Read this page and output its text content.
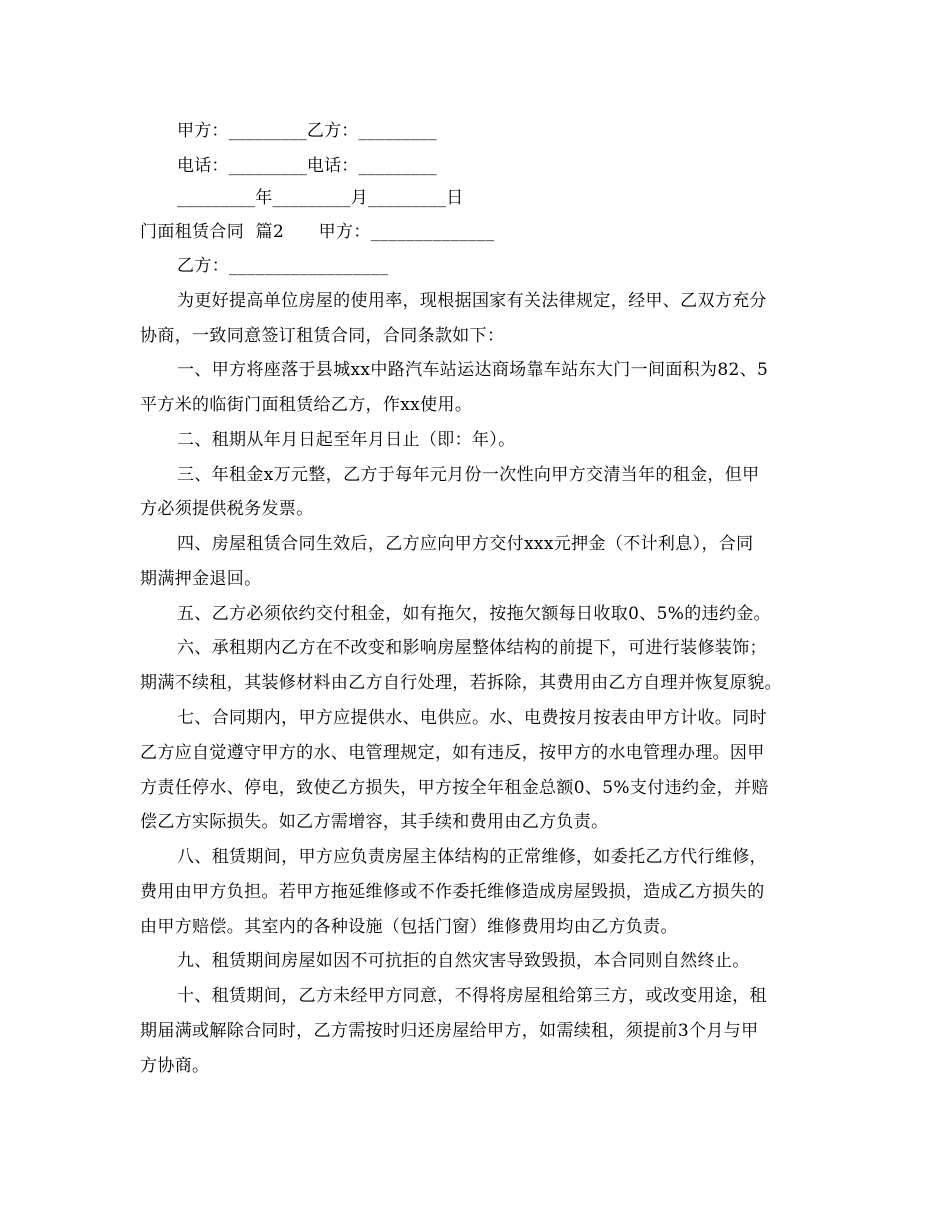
甲方：_________乙方：_________
电话：_________电话：_________
_________年_________月_________日
门面租赁合同  篇2      甲方：______________
乙方：__________________
为更好提高单位房屋的使用率，现根据国家有关法律规定，经甲、乙双方充分
协商，一致同意签订租赁合同，合同条款如下：
一、甲方将座落于县城xx中路汽车站运达商场靠车站东大门一间面积为82、5
平方米的临街门面租赁给乙方，作xx使用。
二、租期从年月日起至年月日止（即：年）。
三、年租金x万元整，乙方于每年元月份一次性向甲方交清当年的租金，但甲
方必须提供税务发票。
四、房屋租赁合同生效后，乙方应向甲方交付xxx元押金（不计利息），合同
期满押金退回。
五、乙方必须依约交付租金，如有拖欠，按拖欠额每日收取0、5%的违约金。
六、承租期内乙方在不改变和影响房屋整体结构的前提下，可进行装修装饰；
期满不续租，其装修材料由乙方自行处理，若拆除，其费用由乙方自理并恢复原貌。
七、合同期内，甲方应提供水、电供应。水、电费按月按表由甲方计收。同时
乙方应自觉遵守甲方的水、电管理规定，如有违反，按甲方的水电管理办理。因甲
方责任停水、停电，致使乙方损失，甲方按全年租金总额0、5%支付违约金，并赔
偿乙方实际损失。如乙方需增容，其手续和费用由乙方负责。
八、租赁期间，甲方应负责房屋主体结构的正常维修，如委托乙方代行维修，
费用由甲方负担。若甲方拖延维修或不作委托维修造成房屋毁损，造成乙方损失的
由甲方赔偿。其室内的各种设施（包括门窗）维修费用均由乙方负责。
九、租赁期间房屋如因不可抗拒的自然灾害导致毁损，本合同则自然终止。
十、租赁期间，乙方未经甲方同意，不得将房屋租给第三方，或改变用途，租
期届满或解除合同时，乙方需按时归还房屋给甲方，如需续租，须提前3个月与甲
方协商。
